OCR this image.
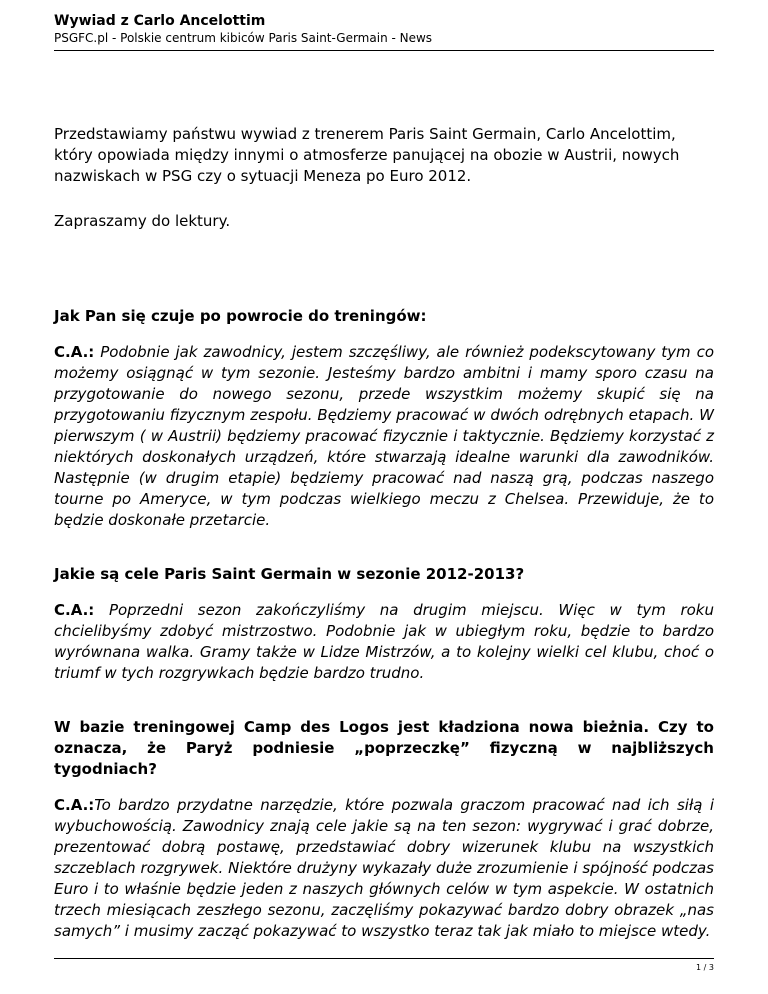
Wywiad z Carlo Ancelottim

PSGFC.pl - Polskie centrum kibiców Paris Saint-Germain - News

Przedstawiamy państwu wywiad z trenerem Paris Saint Germain, Carlo Ancelottim, który opowiada między innymi o atmosferze panującej na obozie w Austrii, nowych nazwiskach w PSG czy o sytuacji Meneza po Euro 2012.

Zapraszamy do lektury.

Jak Pan się czuje po powrocie do treningów:

C.A.: Podobnie jak zawodnicy, jestem szczęśliwy, ale również podekscytowany tym co możemy osiągnąć w tym sezonie. Jesteśmy bardzo ambitni i mamy sporo czasu na przygotowanie do nowego sezonu, przede wszystkim możemy skupić się na przygotowaniu fizycznym zespołu. Będziemy pracować w dwóch odrębnych etapach. W pierwszym ( w Austrii) będziemy pracować fizycznie i taktycznie. Będziemy korzystać z niektórych doskonałych urządzeń, które stwarzają idealne warunki dla zawodników. Następnie (w drugim etapie) będziemy pracować nad naszą grą, podczas naszego tourne po Ameryce, w tym podczas wielkiego meczu z Chelsea. Przewiduje, że to będzie doskonałe przetarcie.

Jakie są cele Paris Saint Germain w sezonie 2012-2013?

C.A.: Poprzedni sezon zakończyliśmy na drugim miejscu. Więc w tym roku chcielibyśmy zdobyć mistrzostwo. Podobnie jak w ubiegłym roku, będzie to bardzo wyrównana walka. Gramy także w Lidze Mistrzów, a to kolejny wielki cel klubu, choć o triumf w tych rozgrywkach będzie bardzo trudno.

W bazie treningowej Camp des Logos jest kładziona nowa bieżnia. Czy to oznacza, że Paryż podniesie „poprzeczkę” fizyczną w najbliższych tygodniach?

C.A.:To bardzo przydatne narzędzie, które pozwala graczom pracować nad ich siłą i wybuchowością. Zawodnicy znają cele jakie są na ten sezon: wygrywać i grać dobrze, prezentować dobrą postawę, przedstawiać dobry wizerunek klubu na wszystkich szczeblach rozgrywek. Niektóre drużyny wykazały duże zrozumienie i spójność podczas Euro i to właśnie będzie jeden z naszych głównych celów w tym aspekcie. W ostatnich trzech miesiącach zeszłego sezonu, zaczęliśmy pokazywać bardzo dobry obrazek „nas samych” i musimy zacząć pokazywać to wszystko teraz tak jak miało to miejsce wtedy.

1 / 3
